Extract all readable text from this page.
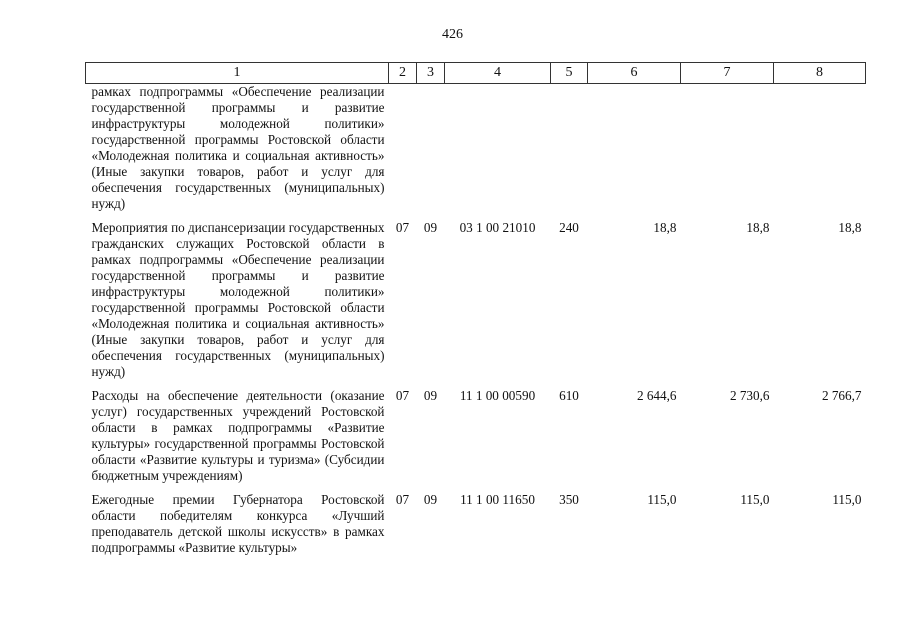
426
1	2	3	4	5	6	7	8
рамках подпрограммы «Обеспечение реализации государственной программы и развитие инфраструктуры молодежной политики» государственной программы Ростовской области «Молодежная политика и социальная активность» (Иные закупки товаров, работ и услуг для обеспечения государственных (муниципальных) нужд)							
Мероприятия по диспансеризации государственных гражданских служащих Ростовской области в рамках подпрограммы «Обеспечение реализации государственной программы и развитие инфраструктуры молодежной политики» государственной программы Ростовской области «Молодежная политика и социальная активность» (Иные закупки товаров, работ и услуг для обеспечения государственных (муниципальных) нужд)	07	09	03 1 00 21010	240	18,8	18,8	18,8
Расходы на обеспечение деятельности (оказание услуг) государственных учреждений Ростовской области в рамках подпрограммы «Развитие культуры» государственной программы Ростовской области «Развитие культуры и туризма» (Субсидии бюджетным учреждениям)	07	09	11 1 00 00590	610	2 644,6	2 730,6	2 766,7
Ежегодные премии Губернатора Ростовской области победителям конкурса «Лучший преподаватель детской школы искусств» в рамках подпрограммы «Развитие культуры»	07	09	11 1 00 11650	350	115,0	115,0	115,0
